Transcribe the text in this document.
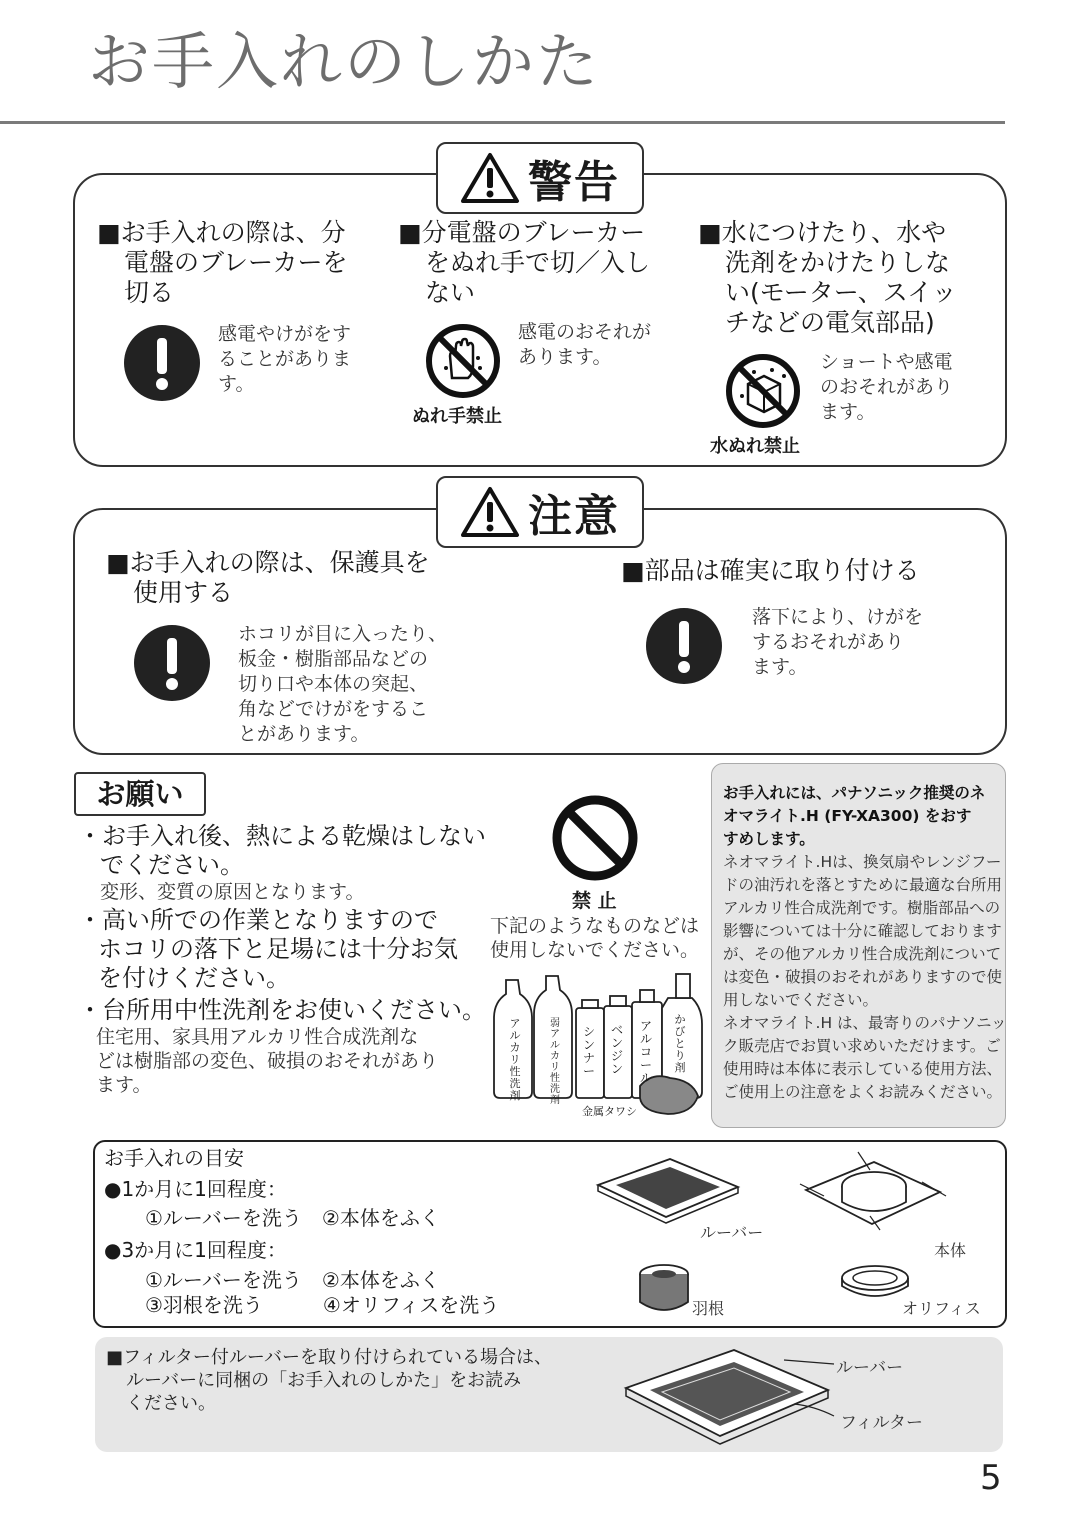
お手入れのしかた
警告
■お手入れの際は、分
電盤のブレーカーを
切る
感電やけがをす
ることがありま
す。
■分電盤のブレーカー
をぬれ手で切／入し
ない
ぬれ手禁止
感電のおそれが
あります。
■水につけたり、水や
洗剤をかけたりしな
い(モーター、スイッ
チなどの電気部品)
水ぬれ禁止
ショートや感電
のおそれがあり
ます。
注意
■お手入れの際は、保護具を
使用する
ホコリが目に入ったり、
板金・樹脂部品などの
切り口や本体の突起、
角などでけがをするこ
とがあります。
■部品は確実に取り付ける
落下により、けがを
するおそれがあり
ます。
お願い
・お手入れ後、熱による乾燥はしない
でください。
変形、変質の原因となります。
・高い所での作業となりますので
ホコリの落下と足場には十分お気
を付けください。
・台所用中性洗剤をお使いください。
住宅用、家具用アルカリ性合成洗剤な
どは樹脂部の変色、破損のおそれがあり
ます。
禁 止
下記のようなものなどは
使用しないでください。
アルカリ性洗剤
弱アルカリ性洗剤
シンナー
ベンジン
アルコール
かびとり剤
金属タワシ
お手入れには、パナソニック推奨のネ
オマライト.H (FY-XA300) をおす
すめします。
ネオマライト.Hは、換気扇やレンジフー
ドの油汚れを落とすために最適な台所用
アルカリ性合成洗剤です。樹脂部品への
影響については十分に確認しております
が、その他アルカリ性合成洗剤について
は変色・破損のおそれがありますので使
用しないでください。
ネオマライト.H は、最寄りのパナソニッ
ク販売店でお買い求めいただけます。ご
使用時は本体に表示している使用方法、
ご使用上の注意をよくお読みください。
お手入れの目安
●1か月に1回程度：
①ルーバーを洗う　②本体をふく
●3か月に1回程度：
①ルーバーを洗う　②本体をふく
③羽根を洗う　　　④オリフィスを洗う
ルーバー
本体
羽根	オリフィス
■フィルター付ルーバーを取り付けられている場合は、
ルーバーに同梱の「お手入れのしかた」をお読み
ください。
ルーバー
フィルター
5
